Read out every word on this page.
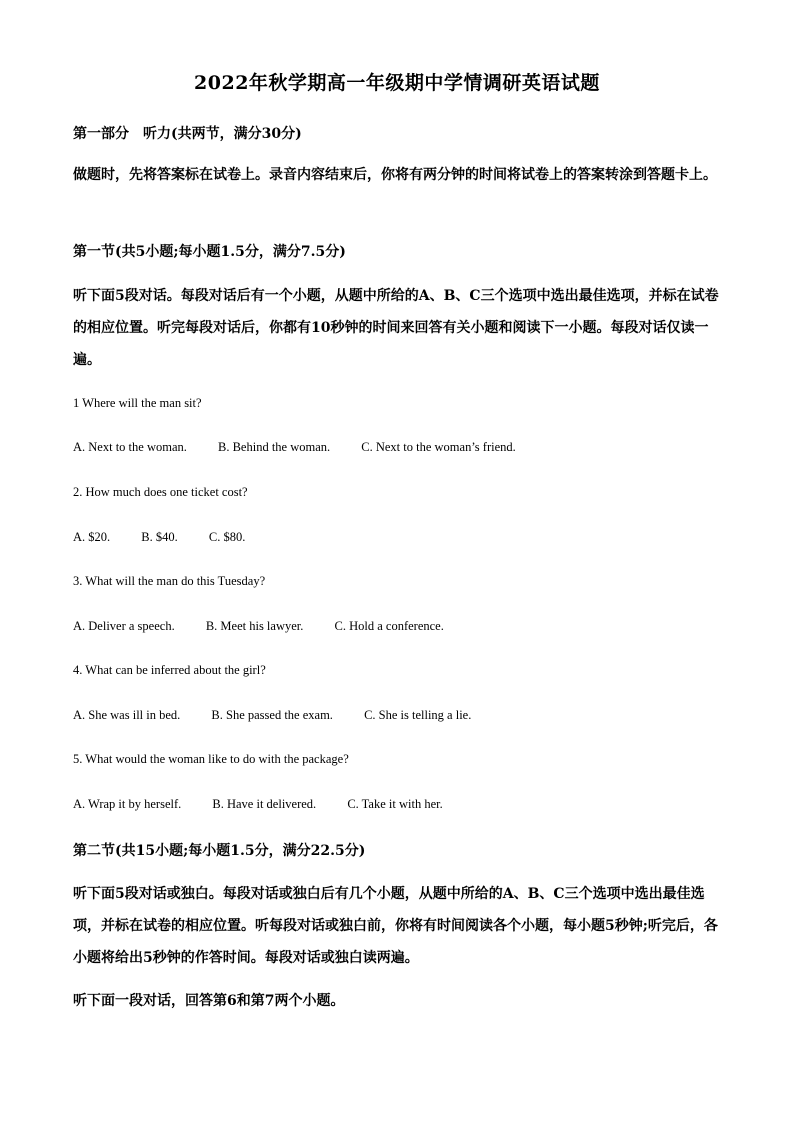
2022年秋学期高一年级期中学情调研英语试题
第一部分　听力(共两节，满分30分)
做题时，先将答案标在试卷上。录音内容结束后，你将有两分钟的时间将试卷上的答案转涂到答题卡上。
第一节(共5小题;每小题1.5分，满分7.5分)
听下面5段对话。每段对话后有一个小题，从题中所给的A、B、C三个选项中选出最佳选项，并标在试卷的相应位置。听完每段对话后，你都有10秒钟的时间来回答有关小题和阅读下一小题。每段对话仅读一遍。
1 Where will the man sit?
A. Next to the woman. B. Behind the woman. C. Next to the woman’s friend.
2. How much does one ticket cost?
A. $20. B. $40. C. $80.
3. What will the man do this Tuesday?
A. Deliver a speech. B. Meet his lawyer. C. Hold a conference.
4. What can be inferred about the girl?
A. She was ill in bed. B. She passed the exam. C. She is telling a lie.
5. What would the woman like to do with the package?
A. Wrap it by herself. B. Have it delivered. C. Take it with her.
第二节(共15小题;每小题1.5分，满分22.5分)
听下面5段对话或独白。每段对话或独白后有几个小题，从题中所给的A、B、C三个选项中选出最佳选项，并标在试卷的相应位置。听每段对话或独白前，你将有时间阅读各个小题，每小题5秒钟;听完后，各小题将给出5秒钟的作答时间。每段对话或独白读两遍。
听下面一段对话，回答第6和第7两个小题。
